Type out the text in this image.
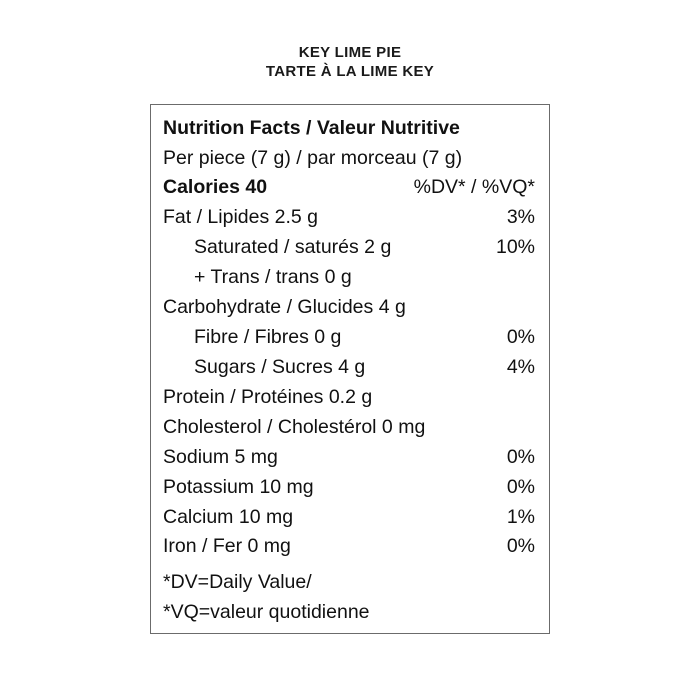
KEY LIME PIE
TARTE À LA LIME KEY
Nutrition Facts / Valeur Nutritive
Per piece (7 g) / par morceau (7 g)
Calories 40	%DV* / %VQ*
Fat / Lipides 2.5 g	3%
Saturated / saturés 2 g	10%
+ Trans / trans 0 g
Carbohydrate / Glucides 4 g
Fibre / Fibres 0 g	0%
Sugars / Sucres 4 g	4%
Protein / Protéines 0.2 g
Cholesterol / Cholestérol 0 mg
Sodium 5 mg	0%
Potassium 10 mg	0%
Calcium 10 mg	1%
Iron / Fer 0 mg	0%
*DV=Daily Value/
*VQ=valeur quotidienne
